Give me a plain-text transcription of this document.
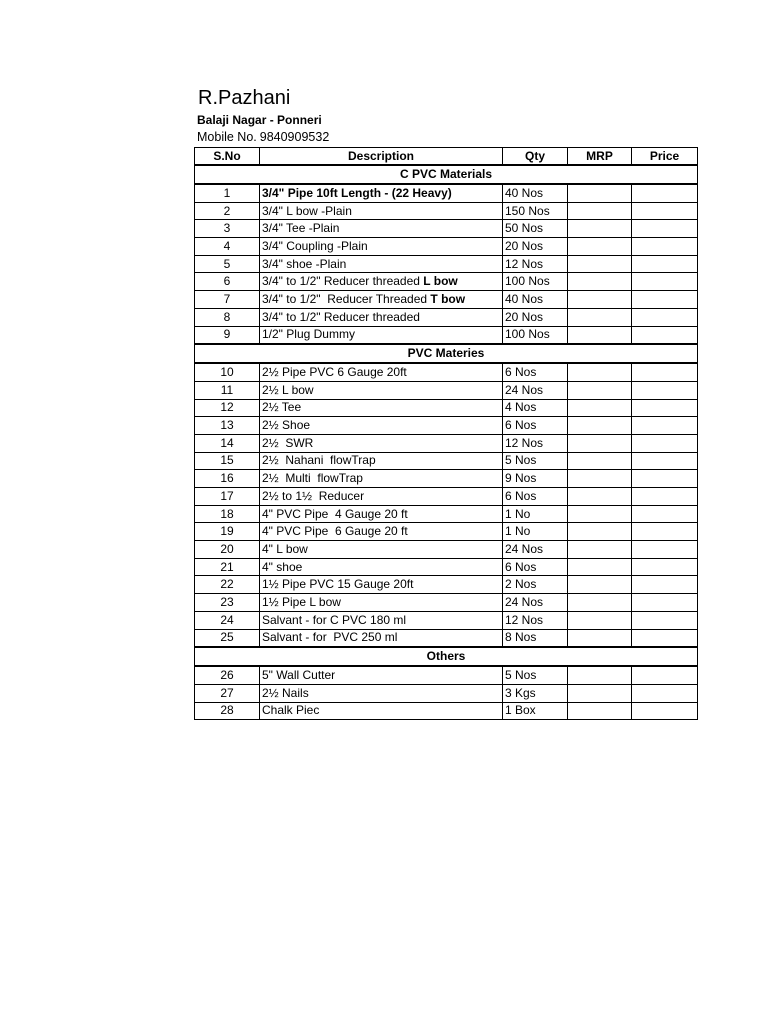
R.Pazhani
Balaji Nagar - Ponneri
Mobile No. 9840909532
S.No	Description	Qty	MRP	Price
C PVC Materials				
1	3/4" Pipe 10ft Length - (22 Heavy)	40 Nos		
2	3/4" L bow -Plain	150 Nos		
3	3/4" Tee -Plain	50 Nos		
4	3/4" Coupling -Plain	20 Nos		
5	3/4" shoe -Plain	12 Nos		
6	3/4" to 1/2" Reducer threaded L bow	100 Nos		
7	3/4" to 1/2"  Reducer Threaded T bow	40 Nos		
8	3/4" to 1/2" Reducer threaded	20 Nos		
9	1/2" Plug Dummy	100 Nos		
PVC Materies				
10	2½ Pipe PVC 6 Gauge 20ft	6 Nos		
11	2½ L bow	24 Nos		
12	2½ Tee	4 Nos		
13	2½ Shoe	6 Nos		
14	2½  SWR	12 Nos		
15	2½  Nahani  flowTrap	5 Nos		
16	2½  Multi  flowTrap	9 Nos		
17	2½ to 1½  Reducer	6 Nos		
18	4" PVC Pipe  4 Gauge 20 ft	1 No		
19	4" PVC Pipe  6 Gauge 20 ft	1 No		
20	4" L bow	24 Nos		
21	4" shoe	6 Nos		
22	1½ Pipe PVC 15 Gauge 20ft	2 Nos		
23	1½ Pipe L bow	24 Nos		
24	Salvant - for C PVC 180 ml	12 Nos		
25	Salvant - for  PVC 250 ml	8 Nos		
Others				
26	5" Wall Cutter	5 Nos		
27	2½ Nails	3 Kgs		
28	Chalk Piec	1 Box		
